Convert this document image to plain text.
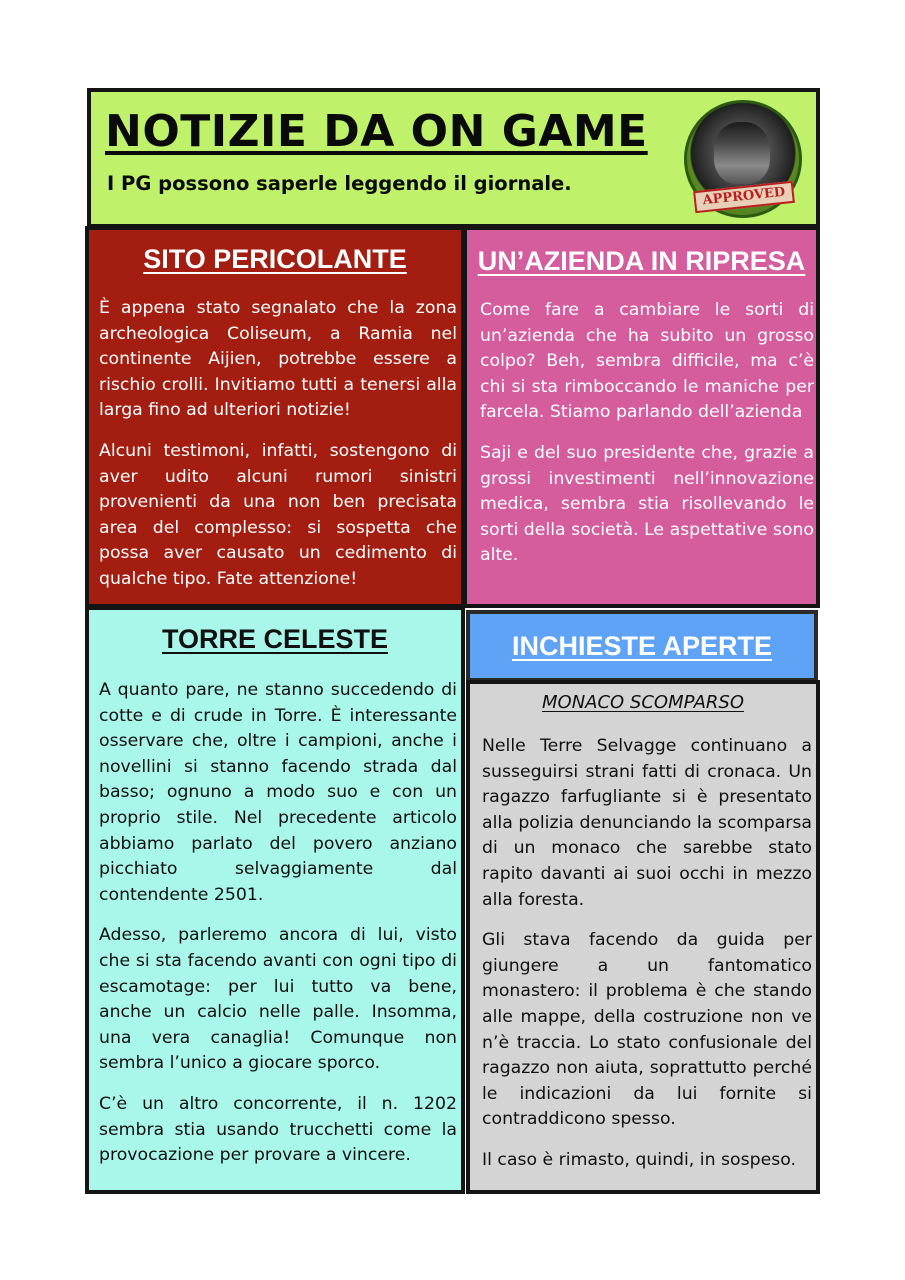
NOTIZIE DA ON GAME
I PG possono saperle leggendo il giornale.
APPROVED
SITO PERICOLANTE

È appena stato segnalato che la zona archeologica Coliseum, a Ramia nel continente Aijien, potrebbe essere a rischio crolli. Invitiamo tutti a tenersi alla larga fino ad ulteriori notizie!

Alcuni testimoni, infatti, sostengono di aver udito alcuni rumori sinistri provenienti da una non ben precisata area del complesso: si sospetta che possa aver causato un cedimento di qualche tipo. Fate attenzione!

UN’AZIENDA IN RIPRESA

Come fare a cambiare le sorti di un’azienda che ha subito un grosso colpo? Beh, sembra difficile, ma c’è chi si sta rimboccando le maniche per farcela. Stiamo parlando dell’azienda

Saji e del suo presidente che, grazie a grossi investimenti nell’innovazione medica, sembra stia risollevando le sorti della società. Le aspettative sono alte.

TORRE CELESTE

A quanto pare, ne stanno succedendo di cotte e di crude in Torre. È interessante osservare che, oltre i campioni, anche i novellini si stanno facendo strada dal basso; ognuno a modo suo e con un proprio stile. Nel precedente articolo abbiamo parlato del povero anziano picchiato selvaggiamente dal contendente 2501.

Adesso, parleremo ancora di lui, visto che si sta facendo avanti con ogni tipo di escamotage: per lui tutto va bene, anche un calcio nelle palle. Insomma, una vera canaglia! Comunque non sembra l’unico a giocare sporco.

C’è un altro concorrente, il n. 1202 sembra stia usando trucchetti come la provocazione per provare a vincere.

INCHIESTE APERTE
MONACO SCOMPARSO

Nelle Terre Selvagge continuano a susseguirsi strani fatti di cronaca. Un ragazzo farfugliante si è presentato alla polizia denunciando la scomparsa di un monaco che sarebbe stato rapito davanti ai suoi occhi in mezzo alla foresta.

Gli stava facendo da guida per giungere a un fantomatico monastero: il problema è che stando alle mappe, della costruzione non ve n’è traccia. Lo stato confusionale del ragazzo non aiuta, soprattutto perché le indicazioni da lui fornite si contraddicono spesso.

Il caso è rimasto, quindi, in sospeso.
